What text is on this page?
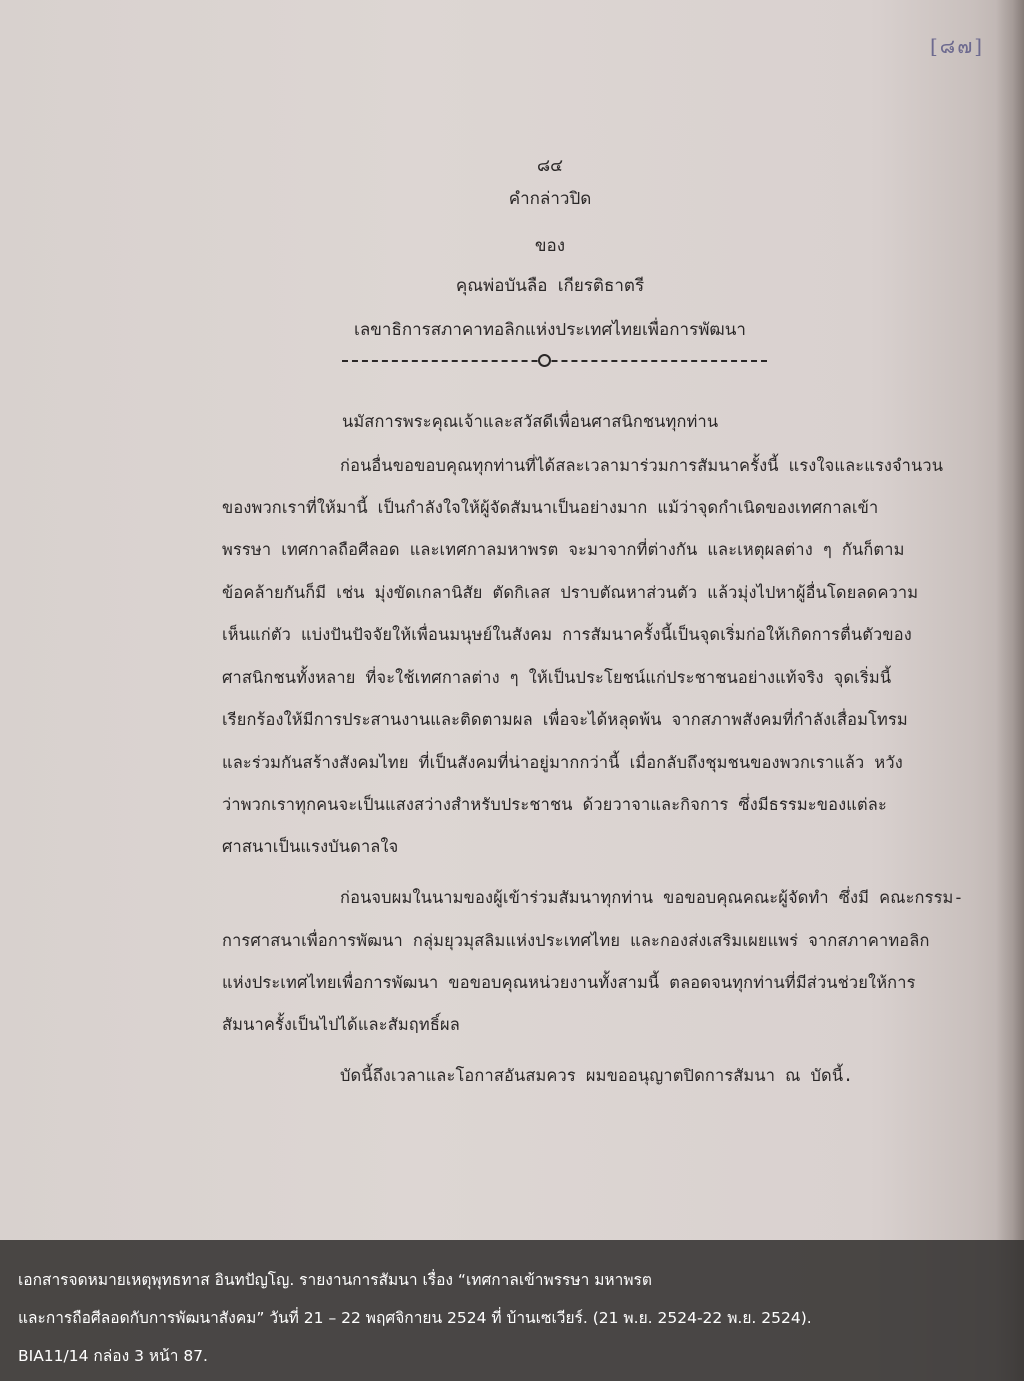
[๘๗]
๘๔
คำกล่าวปิด
ของ
คุณพ่อบันลือ เกียรติธาตรี
เลขาธิการสภาคาทอลิกแห่งประเทศไทยเพื่อการพัฒนา
นมัสการพระคุณเจ้าและสวัสดีเพื่อนศาสนิกชนทุกท่าน
ก่อนอื่นขอขอบคุณทุกท่านที่ได้สละเวลามาร่วมการสัมนาครั้งนี้ แรงใจและแรงจำนวน
ของพวกเราที่ให้มานี้ เป็นกำลังใจให้ผู้จัดสัมนาเป็นอย่างมาก แม้ว่าจุดกำเนิดของเทศกาลเข้า
พรรษา เทศกาลถือศีลอด และเทศกาลมหาพรต จะมาจากที่ต่างกัน และเหตุผลต่าง ๆ กันก็ตาม
ข้อคล้ายกันก็มี เช่น มุ่งขัดเกลานิสัย ตัดกิเลส ปราบตัณหาส่วนตัว แล้วมุ่งไปหาผู้อื่นโดยลดความ
เห็นแก่ตัว แบ่งปันปัจจัยให้เพื่อนมนุษย์ในสังคม การสัมนาครั้งนี้เป็นจุดเริ่มก่อให้เกิดการตื่นตัวของ
ศาสนิกชนทั้งหลาย ที่จะใช้เทศกาลต่าง ๆ ให้เป็นประโยชน์แก่ประชาชนอย่างแท้จริง จุดเริ่มนี้
เรียกร้องให้มีการประสานงานและติดตามผล เพื่อจะได้หลุดพ้น จากสภาพสังคมที่กำลังเสื่อมโทรม
และร่วมกันสร้างสังคมไทย ที่เป็นสังคมที่น่าอยู่มากกว่านี้ เมื่อกลับถึงชุมชนของพวกเราแล้ว หวัง
ว่าพวกเราทุกคนจะเป็นแสงสว่างสำหรับประชาชน ด้วยวาจาและกิจการ ซึ่งมีธรรมะของแต่ละ
ศาสนาเป็นแรงบันดาลใจ
ก่อนจบผมในนามของผู้เข้าร่วมสัมนาทุกท่าน ขอขอบคุณคณะผู้จัดทำ ซึ่งมี คณะกรรม-
การศาสนาเพื่อการพัฒนา กลุ่มยุวมุสลิมแห่งประเทศไทย และกองส่งเสริมเผยแพร่ จากสภาคาทอลิก
แห่งประเทศไทยเพื่อการพัฒนา ขอขอบคุณหน่วยงานทั้งสามนี้ ตลอดจนทุกท่านที่มีส่วนช่วยให้การ
สัมนาครั้งเป็นไปได้และสัมฤทธิ์ผล
บัดนี้ถึงเวลาและโอกาสอันสมควร ผมขออนุญาตปิดการสัมนา ณ บัดนี้.
เอกสารจดหมายเหตุพุทธทาส อินทปัญโญ. รายงานการสัมนา เรื่อง “เทศกาลเข้าพรรษา มหาพรต
และการถือศีลอดกับการพัฒนาสังคม” วันที่ 21 – 22 พฤศจิกายน 2524 ที่ บ้านเซเวียร์. (21 พ.ย. 2524-22 พ.ย. 2524).
BIA11/14 กล่อง 3 หน้า 87.
